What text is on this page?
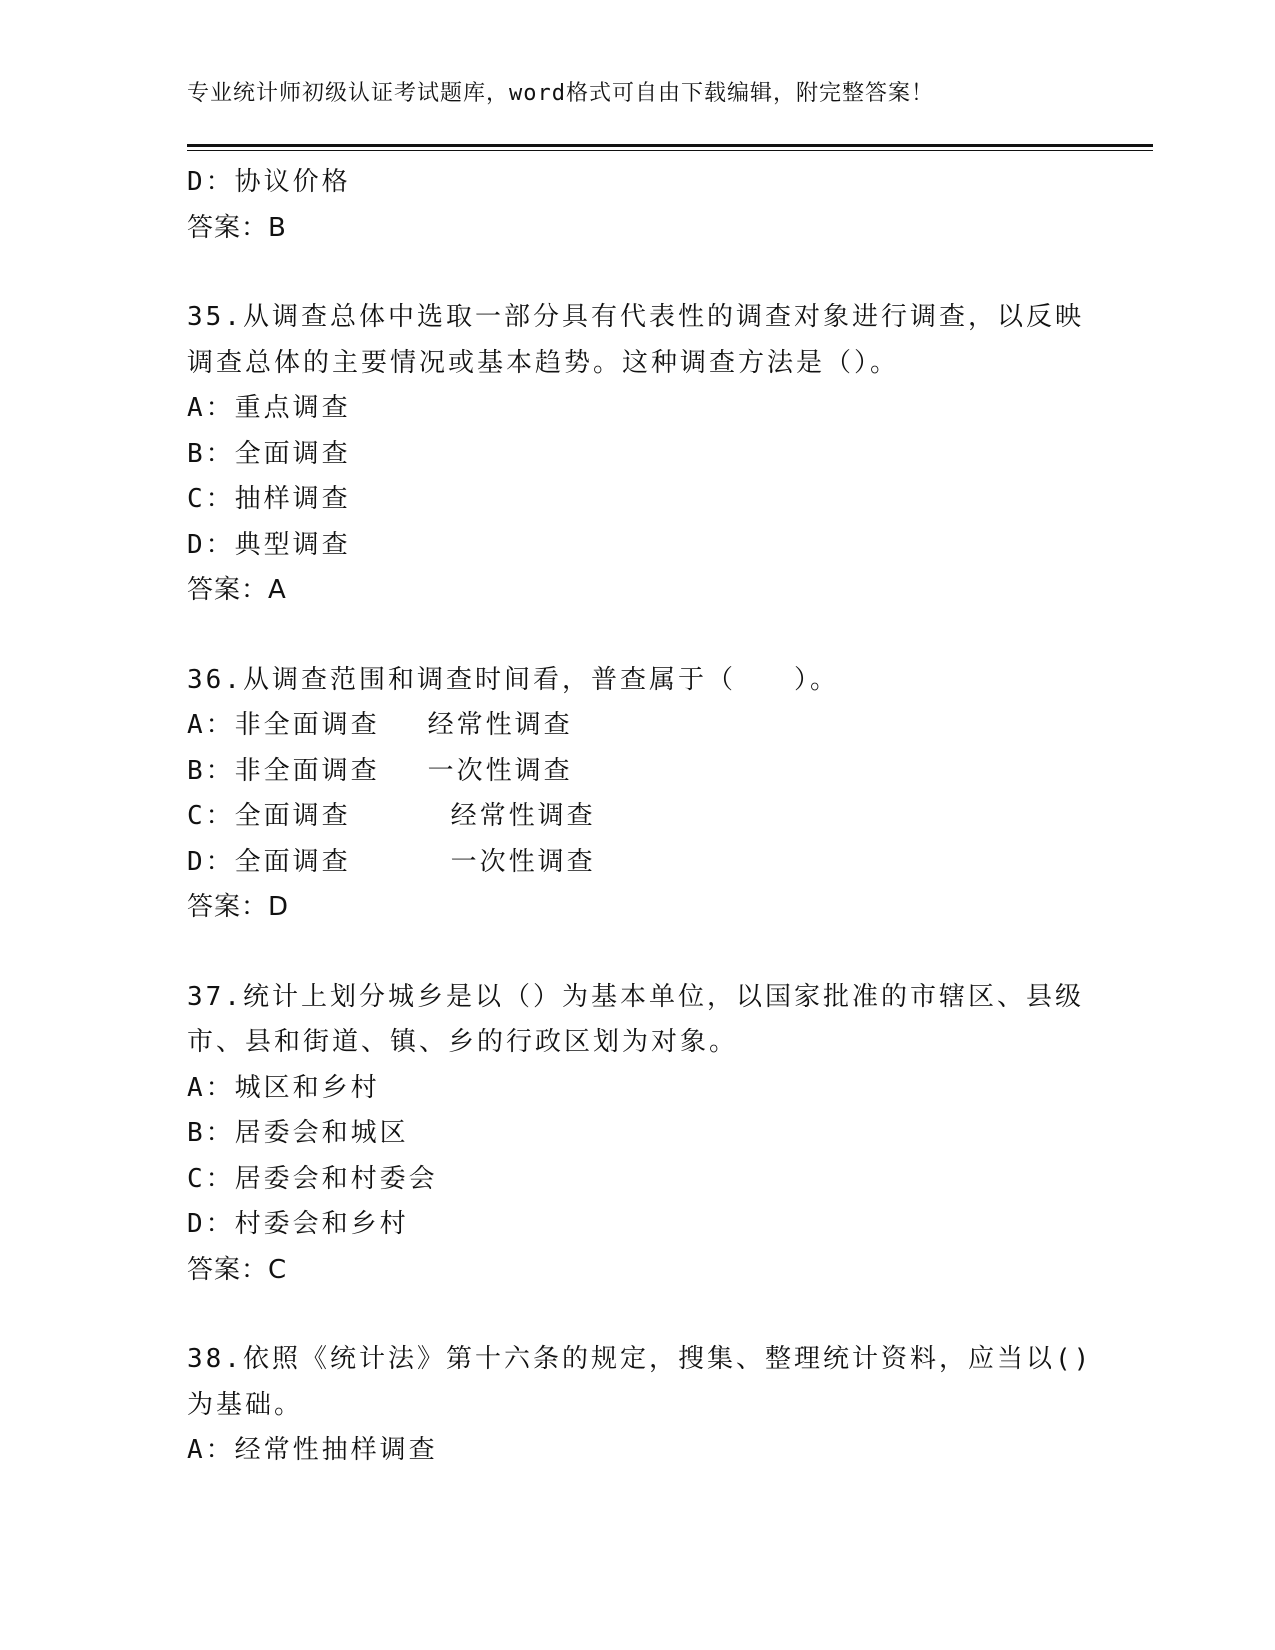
专业统计师初级认证考试题库，word格式可自由下载编辑，附完整答案！
D：协议价格
答案：B
35.从调查总体中选取一部分具有代表性的调查对象进行调查，以反映
调查总体的主要情况或基本趋势。这种调查方法是（）。
A：重点调查
B：全面调查
C：抽样调查
D：典型调查
答案：A
36.从调查范围和调查时间看，普查属于（　　）。
A：非全面调查 经常性调查
B：非全面调查 一次性调查
C：全面调查	经常性调查
D：全面调查	一次性调查
答案：D
37.统计上划分城乡是以（）为基本单位，以国家批准的市辖区、县级
市、县和街道、镇、乡的行政区划为对象。
A：城区和乡村
B：居委会和城区
C：居委会和村委会
D：村委会和乡村
答案：C
38.依照《统计法》第十六条的规定，搜集、整理统计资料，应当以()
为基础。
A：经常性抽样调查
